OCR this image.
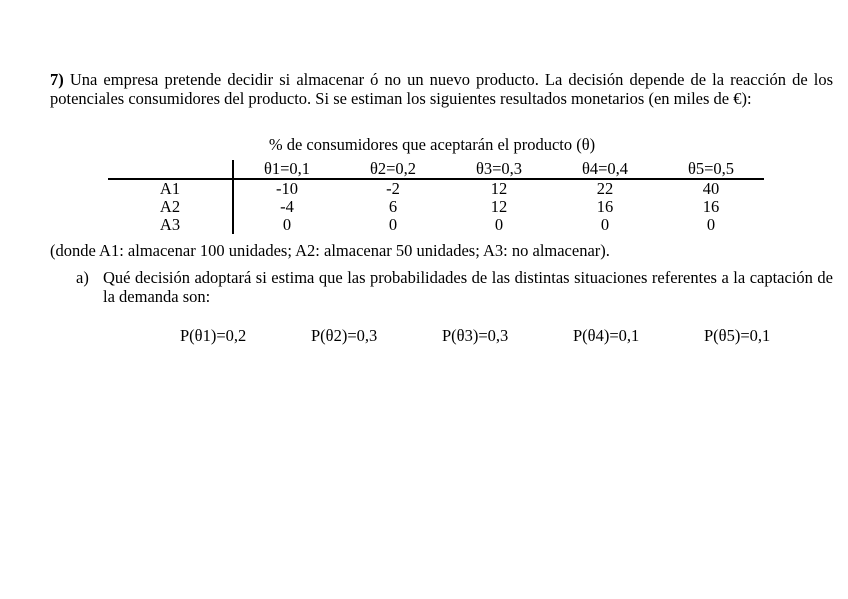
7) Una empresa pretende decidir si almacenar ó no un nuevo producto. La decisión depende de la reacción de los potenciales consumidores del producto. Si se estiman los siguientes resultados monetarios (en miles de €):

% de consumidores que aceptarán el producto (θ)
	θ1=0,1	θ2=0,2	θ3=0,3	θ4=0,4	θ5=0,5
A1	-10	-2	12	22	40
A2	-4	6	12	16	16
A3	0	0	0	0	0

(donde A1: almacenar 100 unidades; A2: almacenar 50 unidades; A3: no almacenar).

a) Qué decisión adoptará si estima que las probabilidades de las distintas situaciones referentes a la captación de la demanda son:

P(θ1)=0,2	P(θ2)=0,3	P(θ3)=0,3	P(θ4)=0,1	P(θ5)=0,1
